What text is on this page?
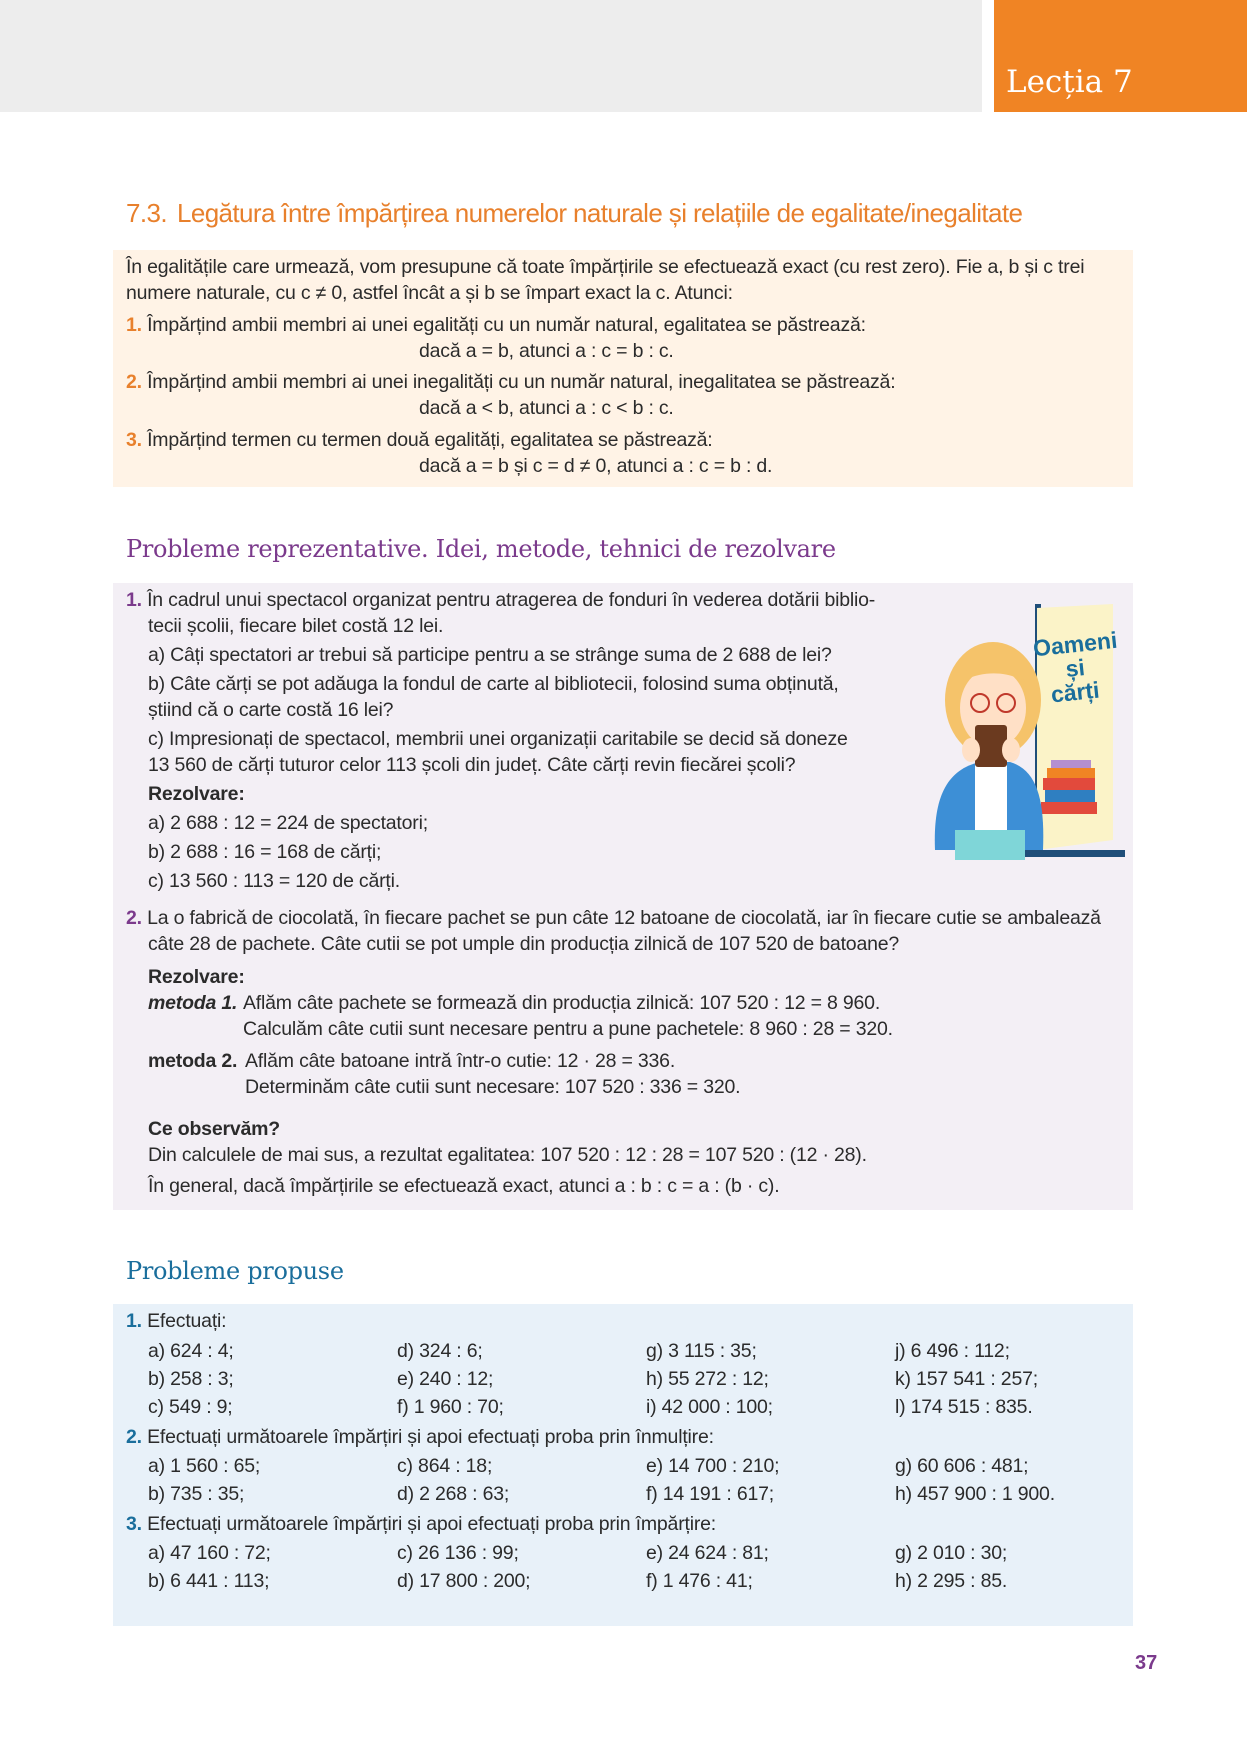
Lecția 7
7.3. Legătura între împărțirea numerelor naturale și relațiile de egalitate/inegalitate
În egalitățile care urmează, vom presupune că toate împărțirile se efectuează exact (cu rest zero). Fie a, b și c trei
numere naturale, cu c ≠ 0, astfel încât a și b se împart exact la c. Atunci:
1. Împărțind ambii membri ai unei egalități cu un număr natural, egalitatea se păstrează:
dacă a = b, atunci a : c = b : c.
2. Împărțind ambii membri ai unei inegalități cu un număr natural, inegalitatea se păstrează:
dacă a < b, atunci a : c < b : c.
3. Împărțind termen cu termen două egalități, egalitatea se păstrează:
dacă a = b și c = d ≠ 0, atunci a : c = b : d.
Probleme reprezentative. Idei, metode, tehnici de rezolvare
1. În cadrul unui spectacol organizat pentru atragerea de fonduri în vederea dotării biblio-
tecii școlii, fiecare bilet costă 12 lei.
a) Câți spectatori ar trebui să participe pentru a se strânge suma de 2 688 de lei?
b) Câte cărți se pot adăuga la fondul de carte al bibliotecii, folosind suma obținută,
știind că o carte costă 16 lei?
c) Impresionați de spectacol, membrii unei organizații caritabile se decid să doneze
13 560 de cărți tuturor celor 113 școli din județ. Câte cărți revin fiecărei școli?
Rezolvare:
a) 2 688 : 12 = 224 de spectatori;
b) 2 688 : 16 = 168 de cărți;
c) 13 560 : 113 = 120 de cărți.
2. La o fabrică de ciocolată, în fiecare pachet se pun câte 12 batoane de ciocolată, iar în fiecare cutie se ambalează
câte 28 de pachete. Câte cutii se pot umple din producția zilnică de 107 520 de batoane?
Rezolvare:
metoda 1. Aflăm câte pachete se formează din producția zilnică: 107 520 : 12 = 8 960.
Calculăm câte cutii sunt necesare pentru a pune pachetele: 8 960 : 28 = 320.
metoda 2. Aflăm câte batoane intră într-o cutie: 12 · 28 = 336.
Determinăm câte cutii sunt necesare: 107 520 : 336 = 320.
Ce observăm?
Din calculele de mai sus, a rezultat egalitatea: 107 520 : 12 : 28 = 107 520 : (12 · 28).
În general, dacă împărțirile se efectuează exact, atunci a : b : c = a : (b · c).
Oameni
și
cărți
Probleme propuse
1. Efectuați:
a) 624 : 4;	d) 324 : 6;	g) 3 115 : 35;	j) 6 496 : 112;
b) 258 : 3;	e) 240 : 12;	h) 55 272 : 12;	k) 157 541 : 257;
c) 549 : 9;	f) 1 960 : 70;	i) 42 000 : 100;	l) 174 515 : 835.
2. Efectuați următoarele împărțiri și apoi efectuați proba prin înmulțire:
a) 1 560 : 65;	c) 864 : 18;	e) 14 700 : 210;	g) 60 606 : 481;
b) 735 : 35;	d) 2 268 : 63;	f) 14 191 : 617;	h) 457 900 : 1 900.
3. Efectuați următoarele împărțiri și apoi efectuați proba prin împărțire:
a) 47 160 : 72;	c) 26 136 : 99;	e) 24 624 : 81;	g) 2 010 : 30;
b) 6 441 : 113;	d) 17 800 : 200;	f) 1 476 : 41;	h) 2 295 : 85.
37
